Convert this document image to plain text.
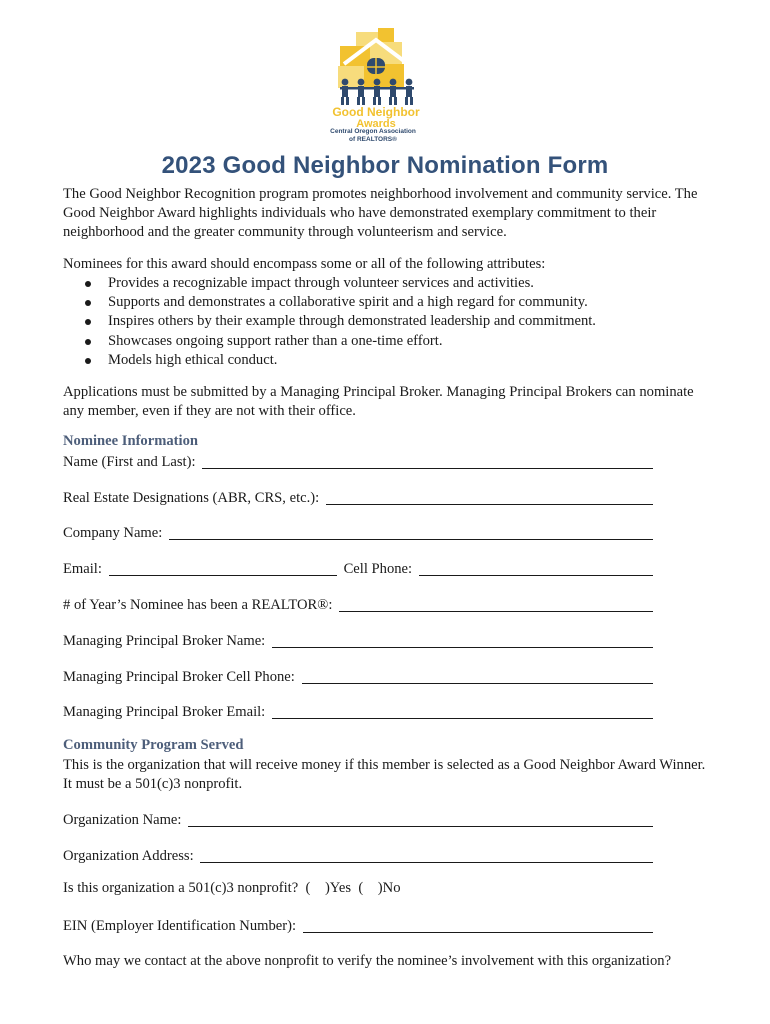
Good Neighbor
Awards
Central Oregon Association
of REALTORS®
2023 Good Neighbor Nomination Form

The Good Neighbor Recognition program promotes neighborhood involvement and community service. The Good Neighbor Award highlights individuals who have demonstrated exemplary commitment to their neighborhood and the greater community through volunteerism and service.

Nominees for this award should encompass some or all of the following attributes:

Provides a recognizable impact through volunteer services and activities.
Supports and demonstrates a collaborative spirit and a high regard for community.
Inspires others by their example through demonstrated leadership and commitment.
Showcases ongoing support rather than a one-time effort.
Models high ethical conduct.

Applications must be submitted by a Managing Principal Broker. Managing Principal Brokers can nominate any member, even if they are not with their office.

Nominee Information
Name (First and Last):
Real Estate Designations (ABR, CRS, etc.):
Company Name:
Email:	Cell Phone:
# of Year’s Nominee has been a REALTOR®:
Managing Principal Broker Name:
Managing Principal Broker Cell Phone:
Managing Principal Broker Email:
Community Program Served

This is the organization that will receive money if this member is selected as a Good Neighbor Award Winner. It must be a 501(c)3 nonprofit.

Organization Name:
Organization Address:
Is this organization a 501(c)3 nonprofit?  (    )Yes  (    )No
EIN (Employer Identification Number):

Who may we contact at the above nonprofit to verify the nominee’s involvement with this organization?
